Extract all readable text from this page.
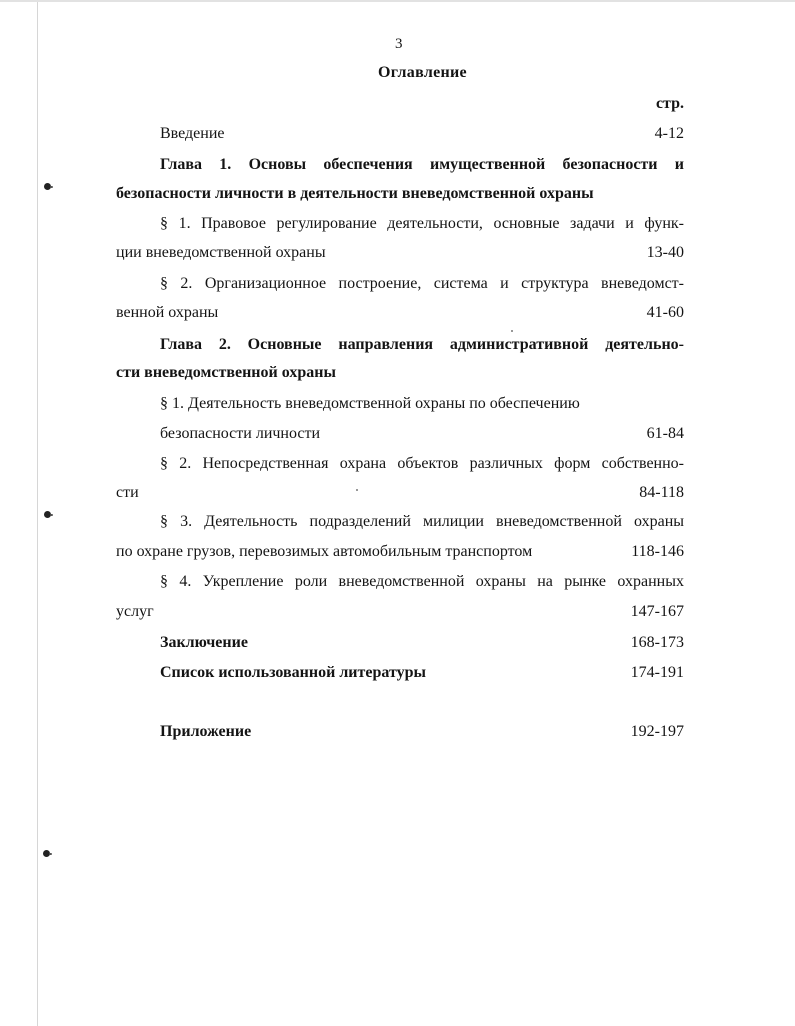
3
Оглавление
стр.
Введение	4-12
Глава 1. Основы обеспечения имущественной безопасности и
безопасности личности в деятельности вневедомственной охраны
§ 1. Правовое регулирование деятельности, основные задачи и функ-
ции вневедомственной охраны	13-40
§ 2. Организационное построение, система и структура вневедомст-
венной охраны	41-60
Глава 2. Основные направления административной деятельно-
сти вневедомственной охраны
§ 1. Деятельность вневедомственной охраны по обеспечению
безопасности личности	61-84
§ 2. Непосредственная охрана объектов различных форм собственно-
сти	84-118
§ 3. Деятельность подразделений милиции вневедомственной охраны
по охране грузов, перевозимых автомобильным транспортом	118-146
§ 4. Укрепление роли вневедомственной охраны на рынке охранных
услуг	147-167
Заключение	168-173
Список использованной литературы	174-191
Приложение	192-197
